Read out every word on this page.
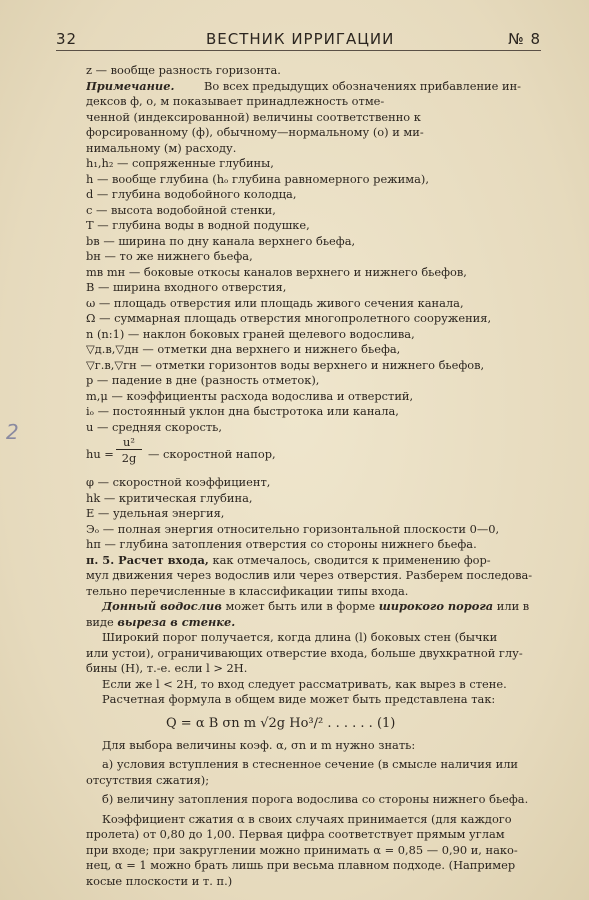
32	ВЕСТНИК ИРРИГАЦИИ	№ 8
2
z — вообще разность горизонта.
Примечание.	Во всех предыдущих обозначениях прибавление ин-
дексов ф, о, м показывает принадлежность отме-
ченной (индексированной) величины соответственно к
форсированному (ф), обычному—нормальному (о) и ми-
нимальному (м) расходу.
h₁,h₂ — сопряженные глубины,
h — вообще глубина (hₒ глубина равномерного режима),
d — глубина водобойного колодца,
c — высота водобойной стенки,
T — глубина воды в водной подушке,
bв — ширина по дну канала верхнего бьефа,
bн — то же нижнего бьефа,
mв mн — боковые откосы каналов верхнего и нижнего бьефов,
B — ширина входного отверстия,
ω — площадь отверстия или площадь живого сечения канала,
Ω — суммарная площадь отверстия многопролетного сооружения,
n (n:1) — наклон боковых граней щелевого водослива,
▽д.в,▽дн — отметки дна верхнего и нижнего бьефа,
▽г.в,▽гн — отметки горизонтов воды верхнего и нижнего бьефов,
p — падение в дне (разность отметок),
m,μ — коэффициенты расхода водослива и отверстий,
iₒ — постоянный уклон дна быстротока или канала,
u — средняя скорость,
hu = $\frac{\text{u²}}{2g}$ — скоростной напор,
φ — скоростной коэффициент,
hk — критическая глубина,
E — удельная энергия,
Эₒ — полная энергия относительно горизонтальной плоскости 0—0,
hп — глубина затопления отверстия со стороны нижнего бьефа.
п. 5. Расчет входа, как отмечалось, сводится к применению фор-
мул движения через водослив или через отверстия. Разберем последова-
тельно перечисленные в классификации типы входа.
Донный водослив может быть или в форме широкого порога или в
виде выреза в стенке.
Широкий порог получается, когда длина (l) боковых стен (бычки
или устои), ограничивающих отверстие входа, больше двухкратной глу-
бины (H), т.-е. если l > 2H.
Если же l < 2H, то вход следует рассматривать, как вырез в стене.
Расчетная формула в общем виде может быть представлена так:
Q = α B σn m √2g Hо³/² . . . . . . (1)
Для выбора величины коэф. α, σn и m нужно знать:
а) условия вступления в стесненное сечение (в смысле наличия или
отсутствия сжатия);
б) величину затопления порога водослива со стороны нижнего бьефа.
Коэффициент сжатия α в своих случаях принимается (для каждого
пролета) от 0,80 до 1,00. Первая цифра соответствует прямым углам
при входе; при закруглении можно принимать α = 0,85 — 0,90 и, нако-
нец, α = 1 можно брать лишь при весьма плавном подходе. (Например
косые плоскости и т. п.)
